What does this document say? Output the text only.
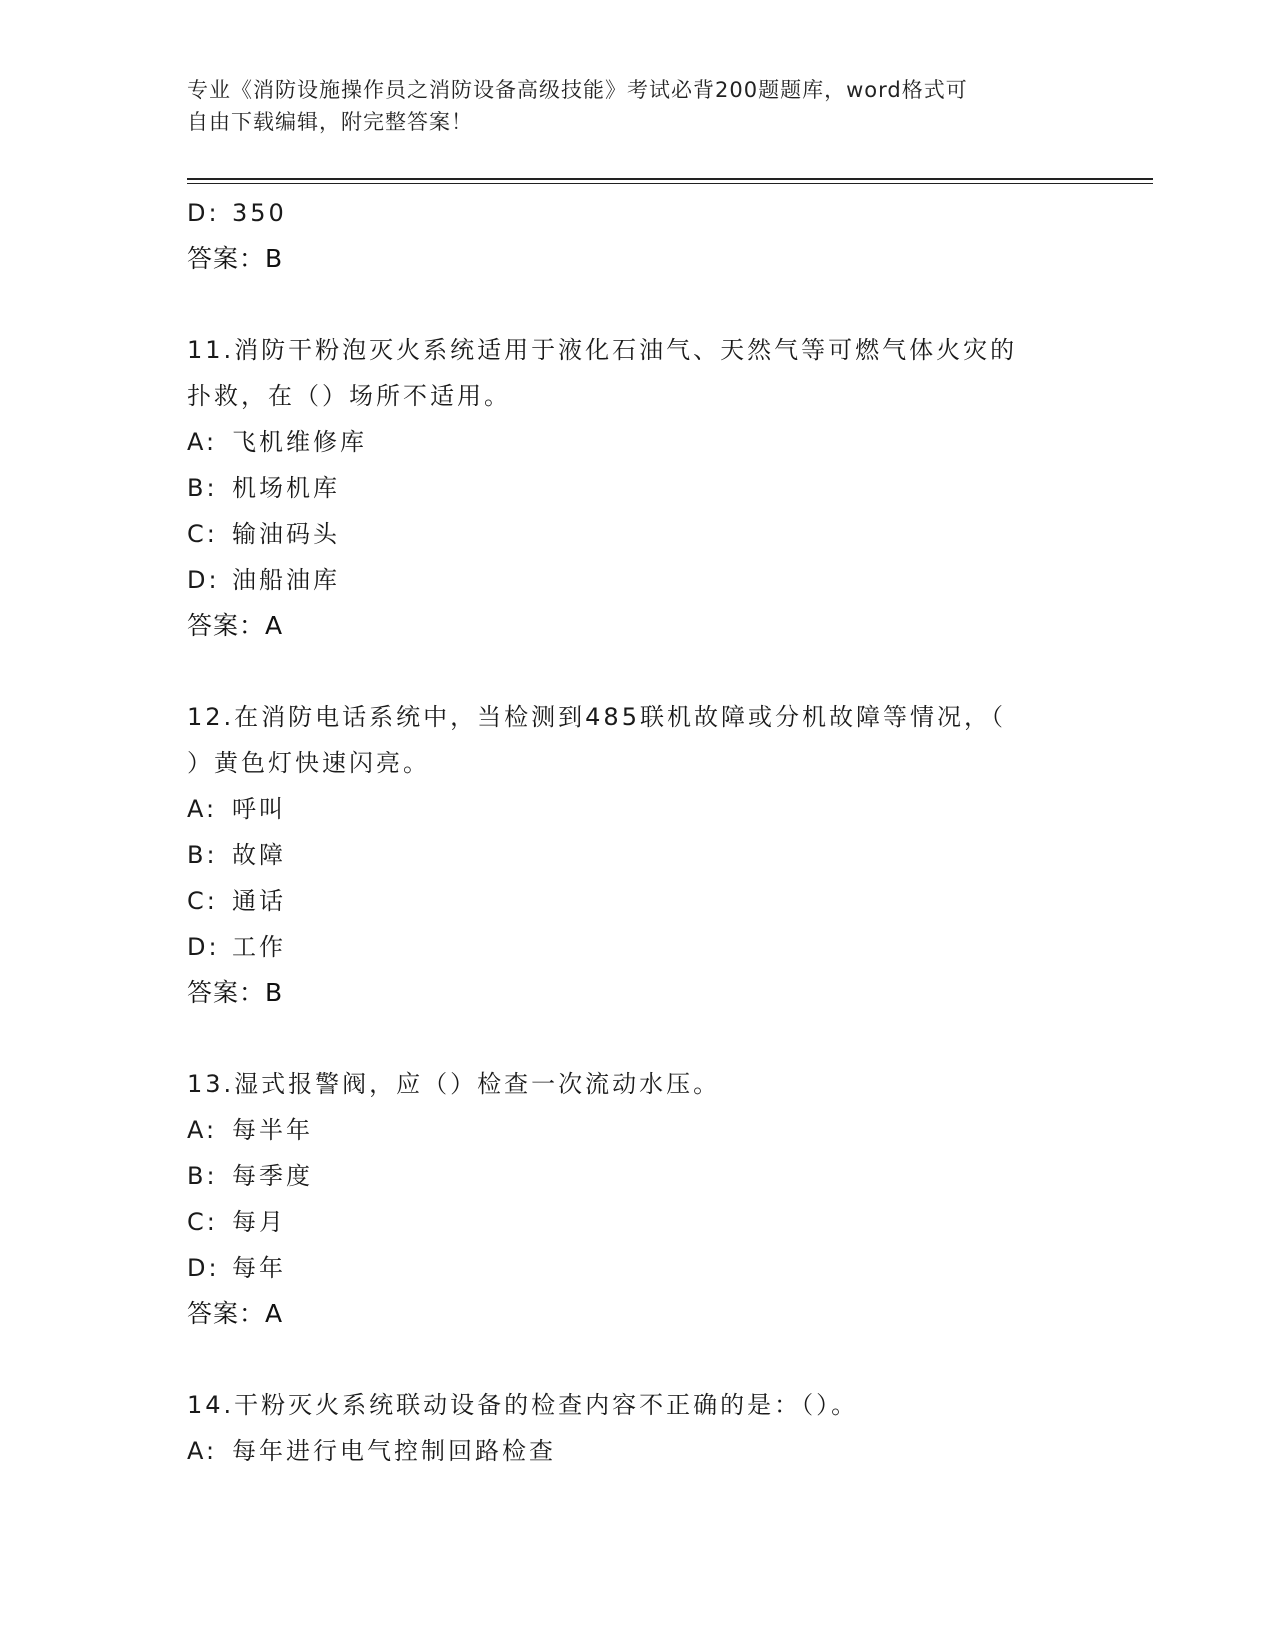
专业《消防设施操作员之消防设备高级技能》考试必背200题题库，word格式可
自由下载编辑，附完整答案！
D: 350
答案：B
11.消防干粉泡灭火系统适用于液化石油气、天然气等可燃气体火灾的
扑救，在（）场所不适用。
A: 飞机维修库
B: 机场机库
C: 输油码头
D: 油船油库
答案：A
12.在消防电话系统中，当检测到485联机故障或分机故障等情况，（
）黄色灯快速闪亮。
A: 呼叫
B: 故障
C: 通话
D: 工作
答案：B
13.湿式报警阀，应（）检查一次流动水压。
A: 每半年
B: 每季度
C: 每月
D: 每年
答案：A
14.干粉灭火系统联动设备的检查内容不正确的是：（）。
A: 每年进行电气控制回路检查
